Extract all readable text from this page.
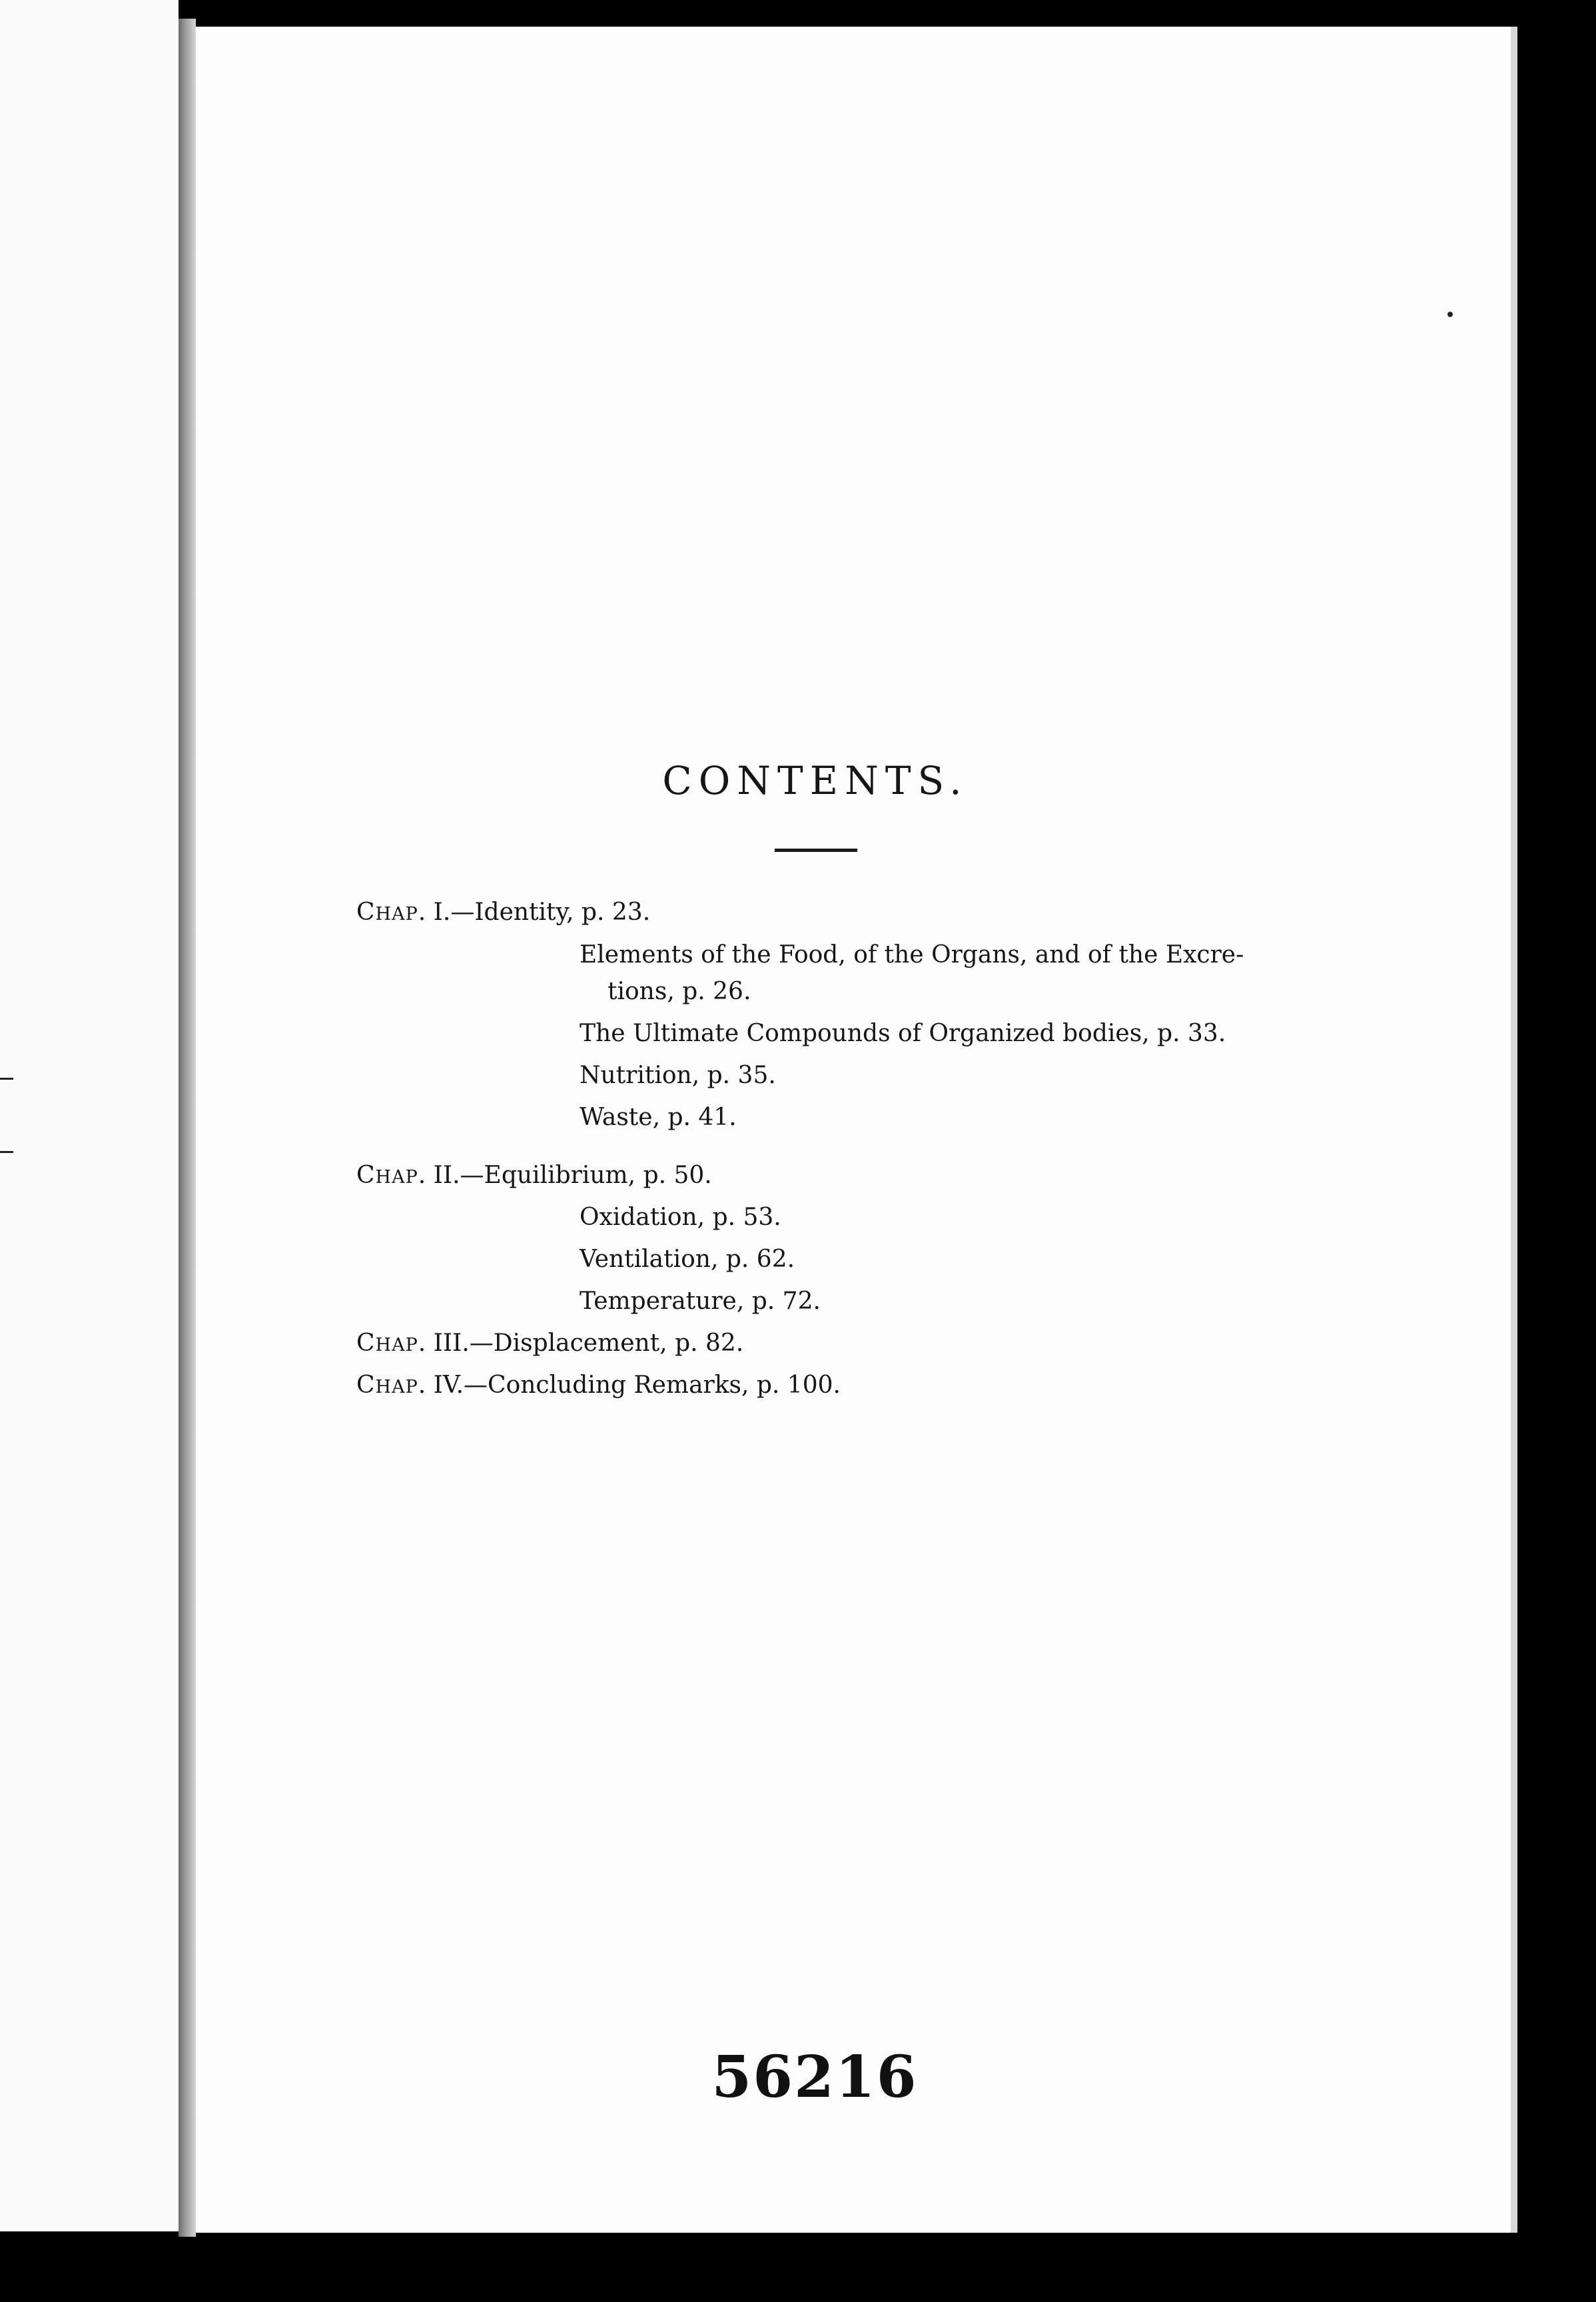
CONTENTS.
CHAP. I.—Identity, p. 23.
Elements of the Food, of the Organs, and of the Excre-
tions, p. 26.
The Ultimate Compounds of Organized bodies, p. 33.
Nutrition, p. 35.
Waste, p. 41.
CHAP. II.—Equilibrium, p. 50.
Oxidation, p. 53.
Ventilation, p. 62.
Temperature, p. 72.
CHAP. III.—Displacement, p. 82.
CHAP. IV.—Concluding Remarks, p. 100.
56216
